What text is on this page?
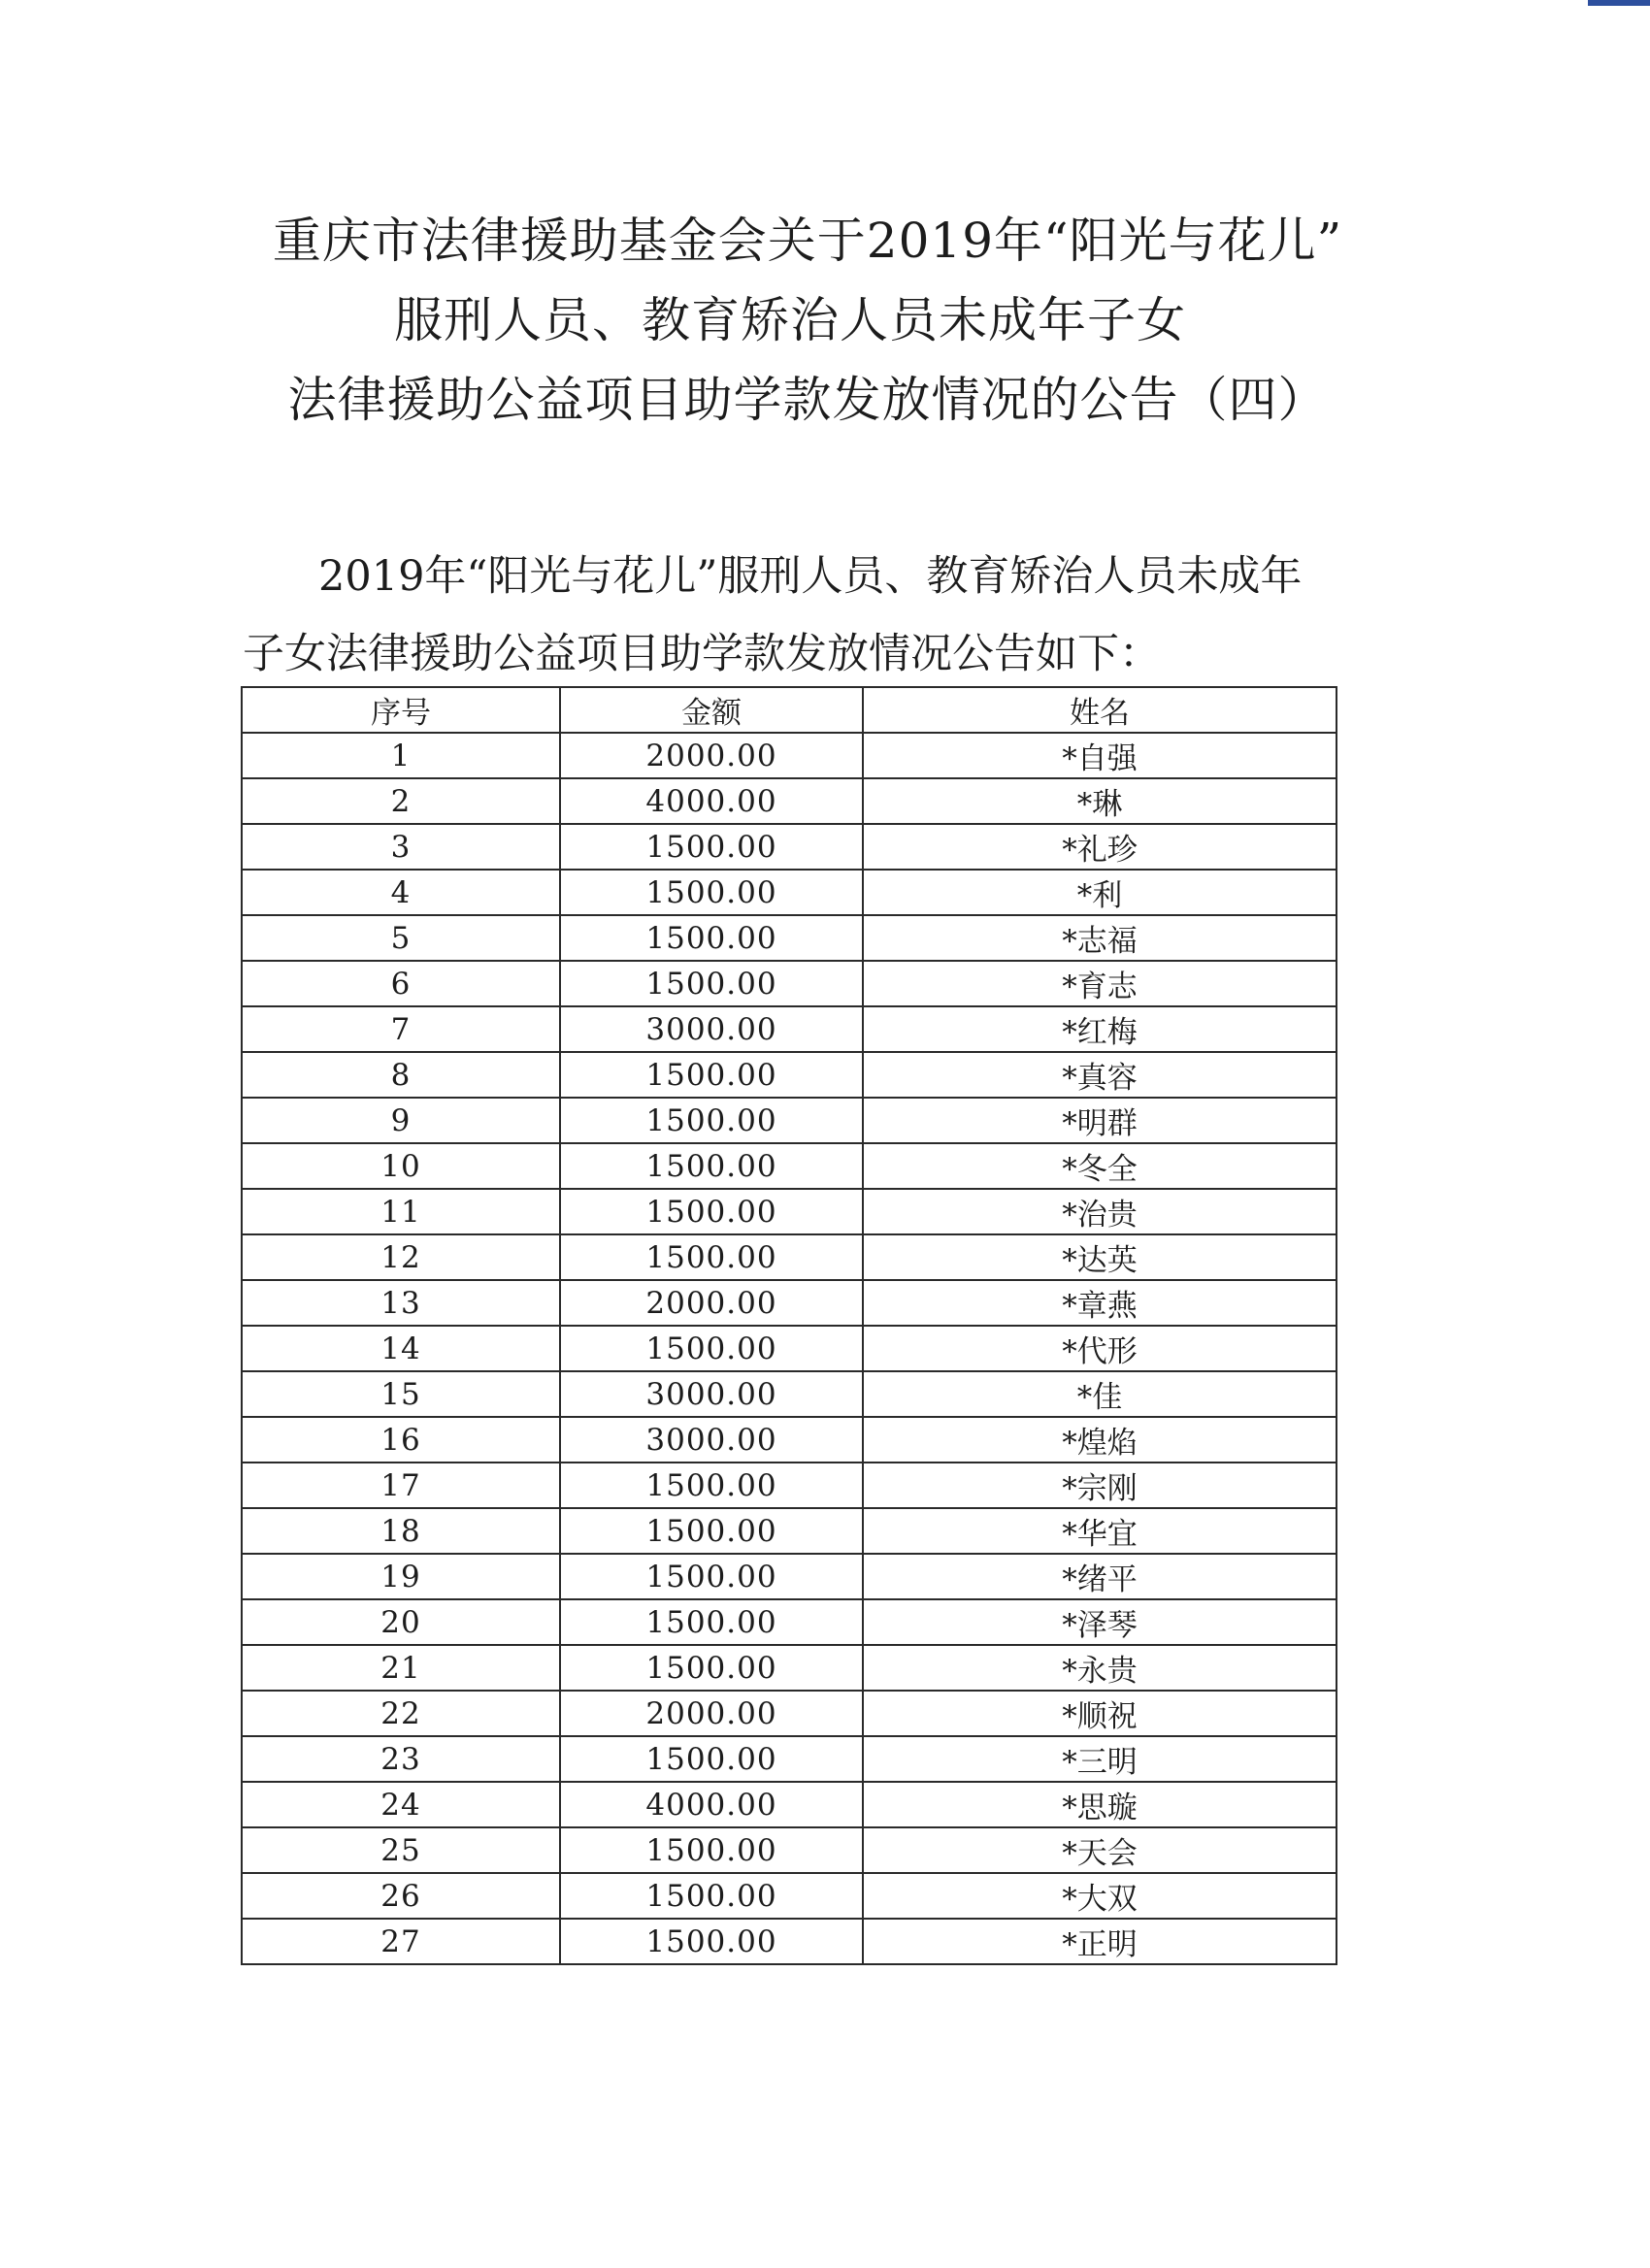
重庆市法律援助基金会关于2019年“阳光与花儿”
服刑人员、教育矫治人员未成年子女
法律援助公益项目助学款发放情况的公告（四）
2019年“阳光与花儿”服刑人员、教育矫治人员未成年
子女法律援助公益项目助学款发放情况公告如下：
序号	金额	姓名
1	2000.00	*自强
2	4000.00	*琳
3	1500.00	*礼珍
4	1500.00	*利
5	1500.00	*志福
6	1500.00	*育志
7	3000.00	*红梅
8	1500.00	*真容
9	1500.00	*明群
10	1500.00	*冬全
11	1500.00	*治贵
12	1500.00	*达英
13	2000.00	*章燕
14	1500.00	*代形
15	3000.00	*佳
16	3000.00	*煌焰
17	1500.00	*宗刚
18	1500.00	*华宜
19	1500.00	*绪平
20	1500.00	*泽琴
21	1500.00	*永贵
22	2000.00	*顺祝
23	1500.00	*三明
24	4000.00	*思璇
25	1500.00	*天会
26	1500.00	*大双
27	1500.00	*正明
